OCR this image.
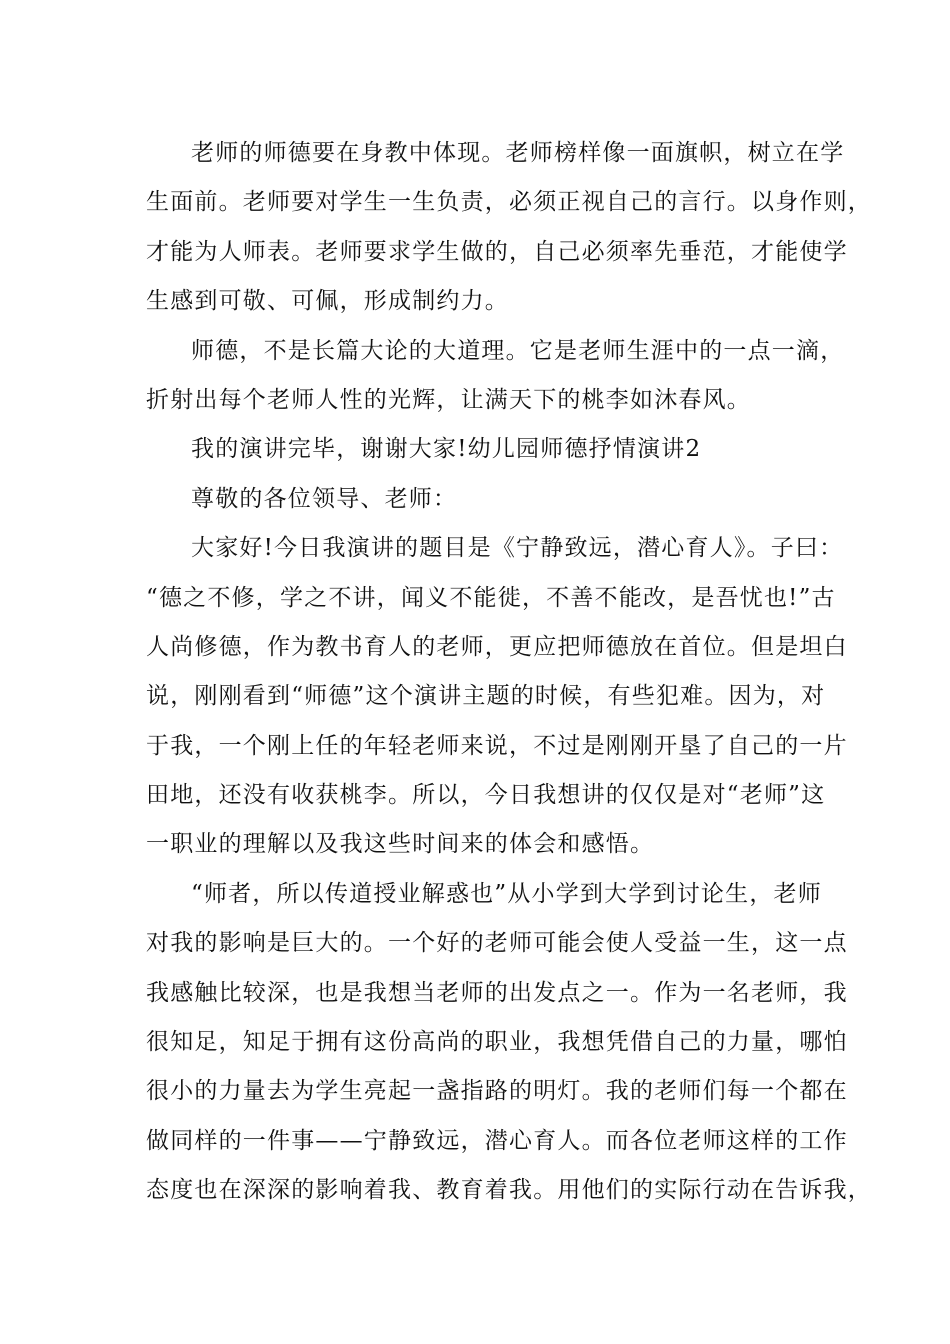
老师的师德要在身教中体现。老师榜样像一面旗帜，树立在学
生面前。老师要对学生一生负责，必须正视自己的言行。以身作则，
才能为人师表。老师要求学生做的，自己必须率先垂范，才能使学
生感到可敬、可佩，形成制约力。
师德，不是长篇大论的大道理。它是老师生涯中的一点一滴，
折射出每个老师人性的光辉，让满天下的桃李如沐春风。
我的演讲完毕，谢谢大家!幼儿园师德抒情演讲2
尊敬的各位领导、老师：
大家好!今日我演讲的题目是《宁静致远，潜心育人》。子曰：
“德之不修，学之不讲，闻义不能徙，不善不能改，是吾忧也!”古
人尚修德，作为教书育人的老师，更应把师德放在首位。但是坦白
说，刚刚看到“师德”这个演讲主题的时候，有些犯难。因为，对
于我，一个刚上任的年轻老师来说，不过是刚刚开垦了自己的一片
田地，还没有收获桃李。所以，今日我想讲的仅仅是对“老师”这
一职业的理解以及我这些时间来的体会和感悟。
“师者，所以传道授业解惑也”从小学到大学到讨论生，老师
对我的影响是巨大的。一个好的老师可能会使人受益一生，这一点
我感触比较深，也是我想当老师的出发点之一。作为一名老师，我
很知足，知足于拥有这份高尚的职业，我想凭借自己的力量，哪怕
很小的力量去为学生亮起一盏指路的明灯。我的老师们每一个都在
做同样的一件事——宁静致远，潜心育人。而各位老师这样的工作
态度也在深深的影响着我、教育着我。用他们的实际行动在告诉我，
